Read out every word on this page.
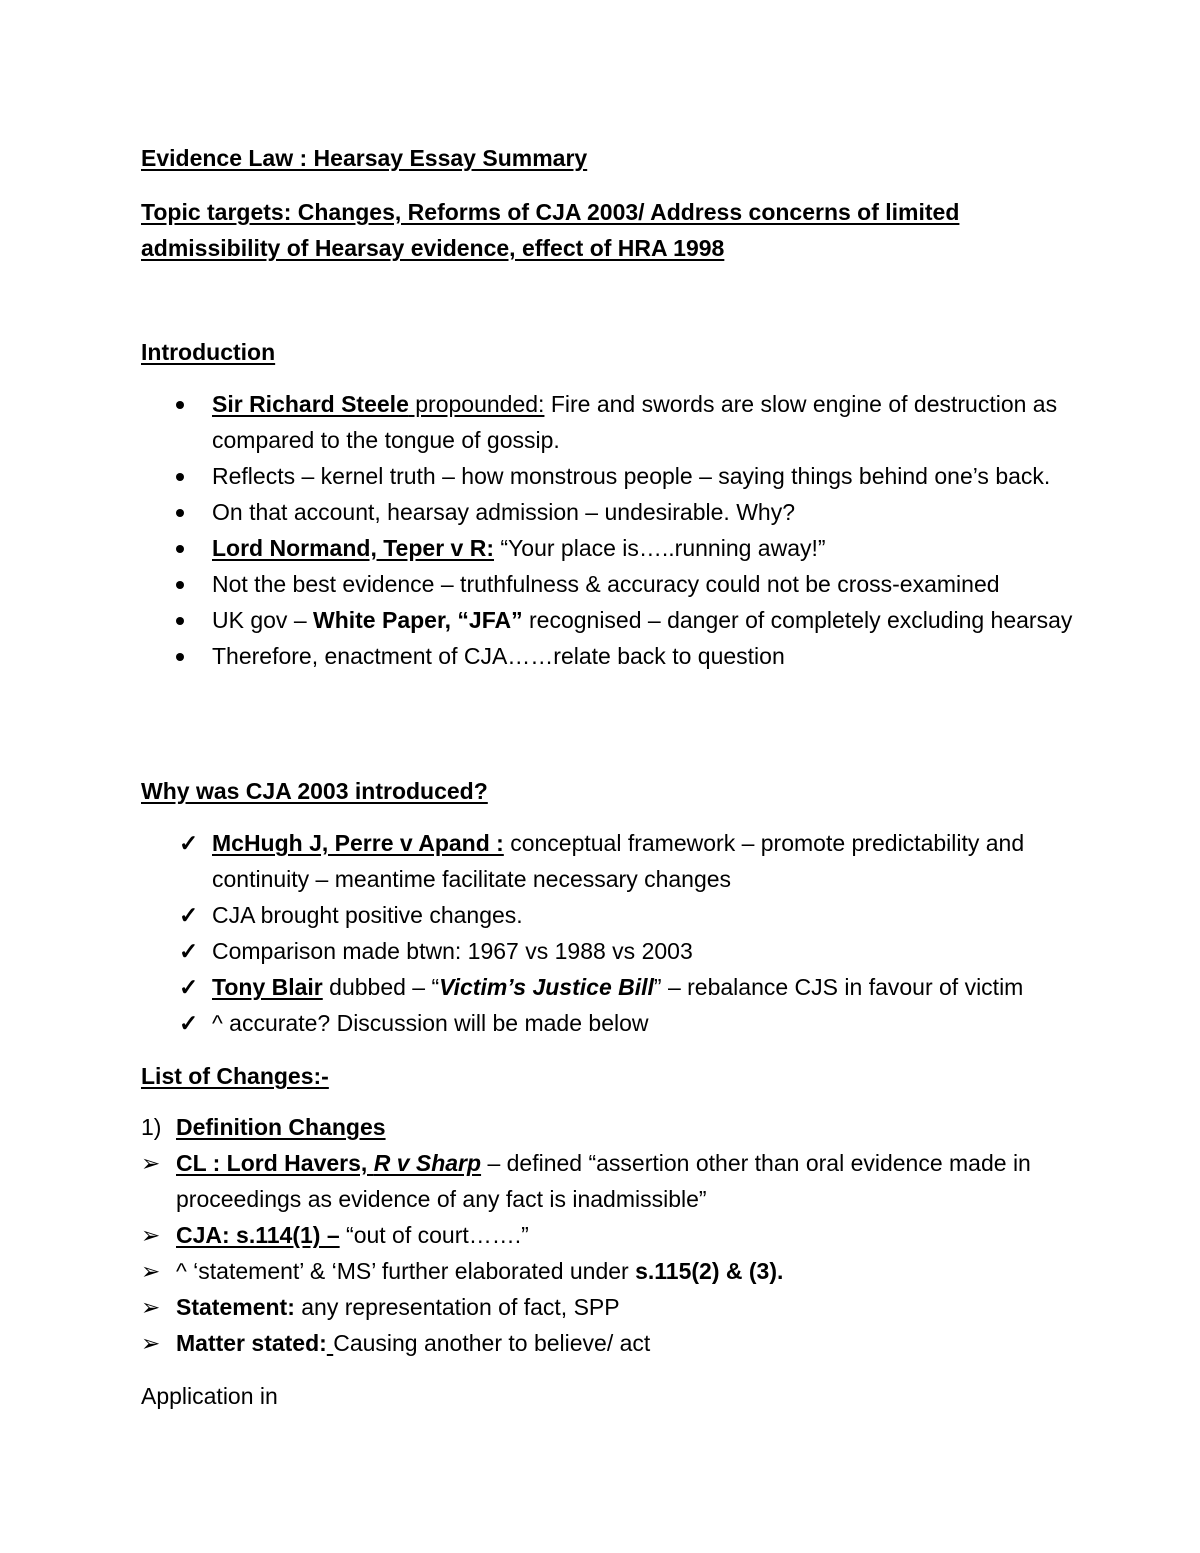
Evidence Law : Hearsay Essay Summary

Topic targets: Changes, Reforms of CJA 2003/ Address concerns of limited admissibility of Hearsay evidence, effect of HRA 1998

Introduction

Sir Richard Steele propounded: Fire and swords are slow engine of destruction as compared to the tongue of gossip.
Reflects – kernel truth – how monstrous people – saying things behind one’s back.
On that account, hearsay admission – undesirable. Why?
Lord Normand, Teper v R: “Your place is…..running away!”
Not the best evidence – truthfulness & accuracy could not be cross-examined
UK gov – White Paper, “JFA” recognised – danger of completely excluding hearsay
Therefore, enactment of CJA……relate back to question

Why was CJA 2003 introduced?

✓
McHugh J, Perre v Apand : conceptual framework – promote predictability and continuity – meantime facilitate necessary changes
✓
CJA brought positive changes.
✓
Comparison made btwn: 1967 vs 1988 vs 2003
✓
Tony Blair dubbed – “Victim’s Justice Bill” – rebalance CJS in favour of victim
✓
^ accurate? Discussion will be made below

List of Changes:-

1) Definition Changes
➢
CL : Lord Havers, R v Sharp – defined “assertion other than oral evidence made in proceedings as evidence of any fact is inadmissible”
➢
CJA: s.114(1) – “out of court…….”
➢
^ ‘statement’ & ‘MS’ further elaborated under s.115(2) & (3).
➢
Statement: any representation of fact, SPP
➢
Matter stated: Causing another to believe/ act

Application in
